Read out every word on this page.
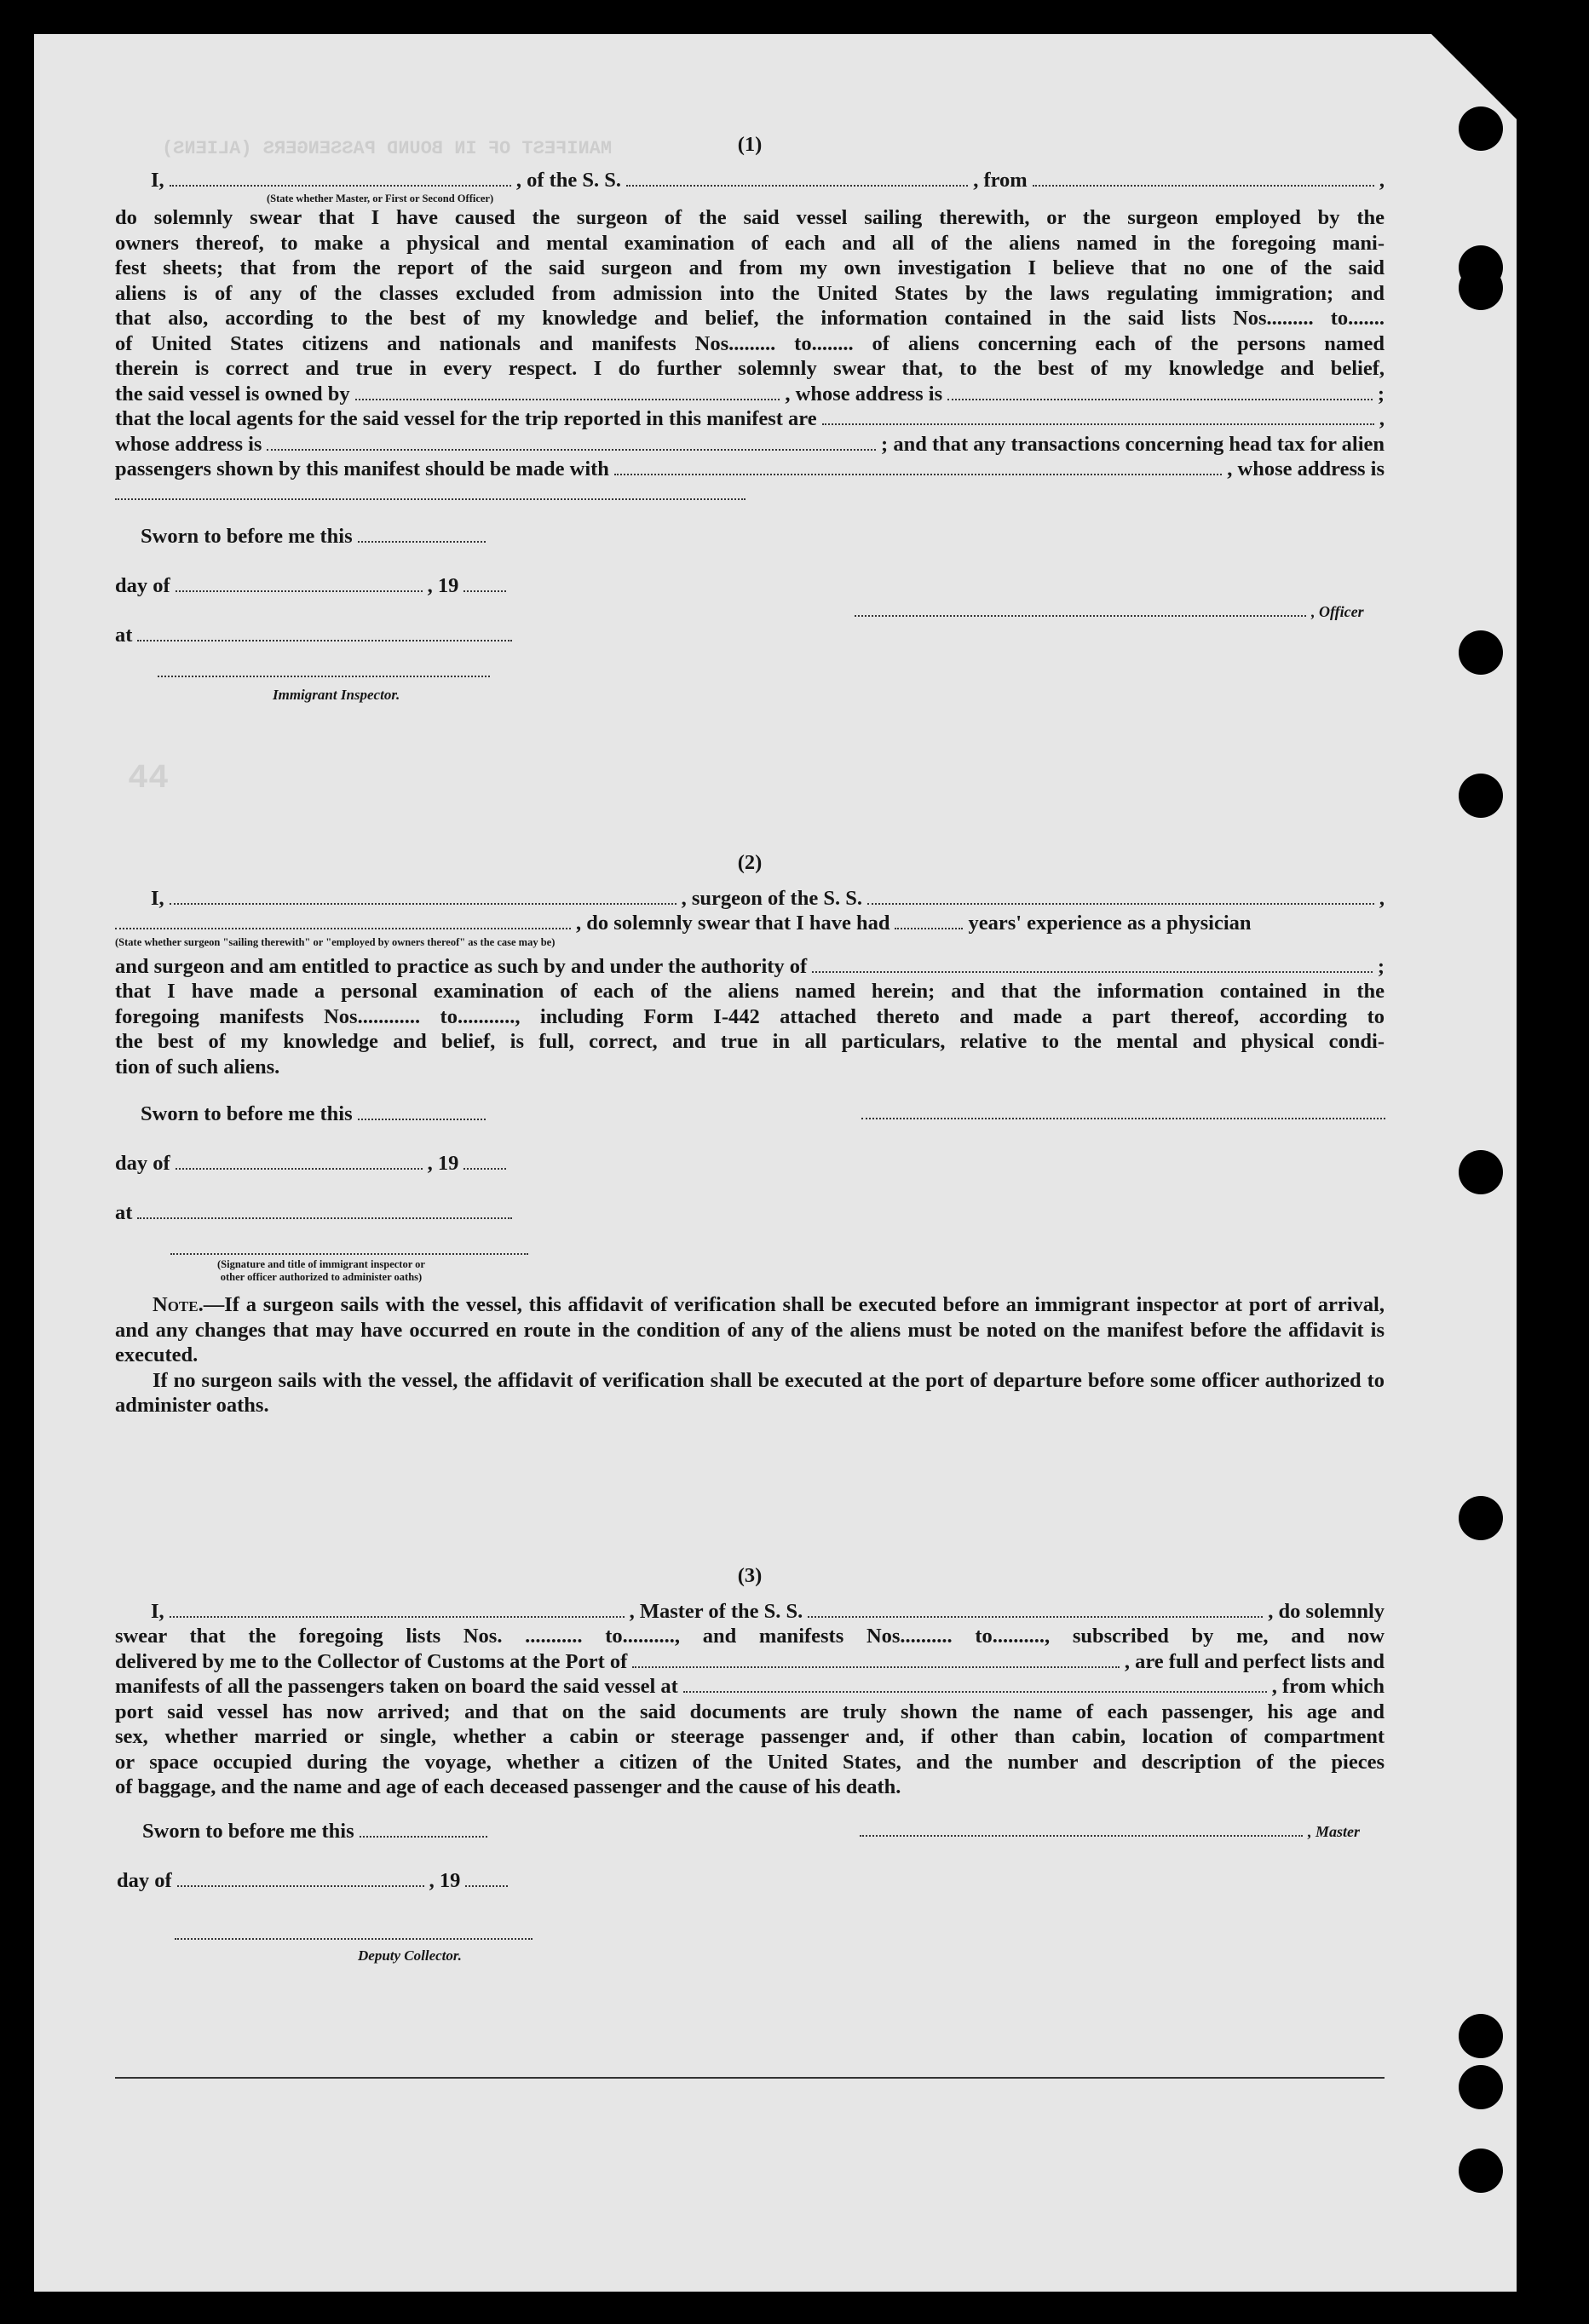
MANIFEST OF IN BOUND PASSENGERS (ALIENS)
44
(1)
I,	, of the S. S.	, from	,
(State whether Master, or First or Second Officer)

do solemnly swear that I have caused the surgeon of the said vessel sailing therewith, or the surgeon employed by the

owners thereof, to make a physical and mental examination of each and all of the aliens named in the foregoing mani-

fest sheets; that from the report of the said surgeon and from my own investigation I believe that no one of the said

aliens is of any of the classes excluded from admission into the United States by the laws regulating immigration; and

that also, according to the best of my knowledge and belief, the information contained in the said lists Nos......... to.......

of United States citizens and nationals and manifests Nos......... to........ of aliens concerning each of the persons named

therein is correct and true in every respect. I do further solemnly swear that, to the best of my knowledge and belief,

the said vessel is owned by	, whose address is	;
that the local agents for the said vessel for the trip reported in this manifest are	,
whose address is	; and that any transactions concerning head tax for alien
passengers shown by this manifest should be made with	, whose address is
Sworn to before me this
day of	, 19
at
, Officer
Immigrant Inspector.
(2)
I,	, surgeon of the S. S.	,
, do solemnly swear that I have had	years' experience as a physician
(State whether surgeon "sailing therewith" or "employed by owners thereof" as the case may be)
and surgeon and am entitled to practice as such by and under the authority of	;

that I have made a personal examination of each of the aliens named herein; and that the information contained in the

foregoing manifests Nos............ to..........., including Form I-442 attached thereto and made a part thereof, according to

the best of my knowledge and belief, is full, correct, and true in all particulars, relative to the mental and physical condi-

tion of such aliens.

Sworn to before me this
day of	, 19
at
(Signature and title of immigrant inspector or
other officer authorized to administer oaths)

Note.—If a surgeon sails with the vessel, this affidavit of verification shall be executed before an immigrant inspector at port of arrival, and any changes that may have occurred en route in the condition of any of the aliens must be noted on the manifest before the affidavit is executed.

If no surgeon sails with the vessel, the affidavit of verification shall be executed at the port of departure before some officer authorized to administer oaths.

(3)
I,	, Master of the S. S.	, do solemnly

swear that the foregoing lists Nos. ........... to.........., and manifests Nos.......... to.........., subscribed by me, and now

delivered by me to the Collector of Customs at the Port of	, are full and perfect lists and
manifests of all the passengers taken on board the said vessel at	, from which

port said vessel has now arrived; and that on the said documents are truly shown the name of each passenger, his age and

sex, whether married or single, whether a cabin or steerage passenger and, if other than cabin, location of compartment

or space occupied during the voyage, whether a citizen of the United States, and the number and description of the pieces

of baggage, and the name and age of each deceased passenger and the cause of his death.

Sworn to before me this	, Master
day of	, 19
Deputy Collector.
